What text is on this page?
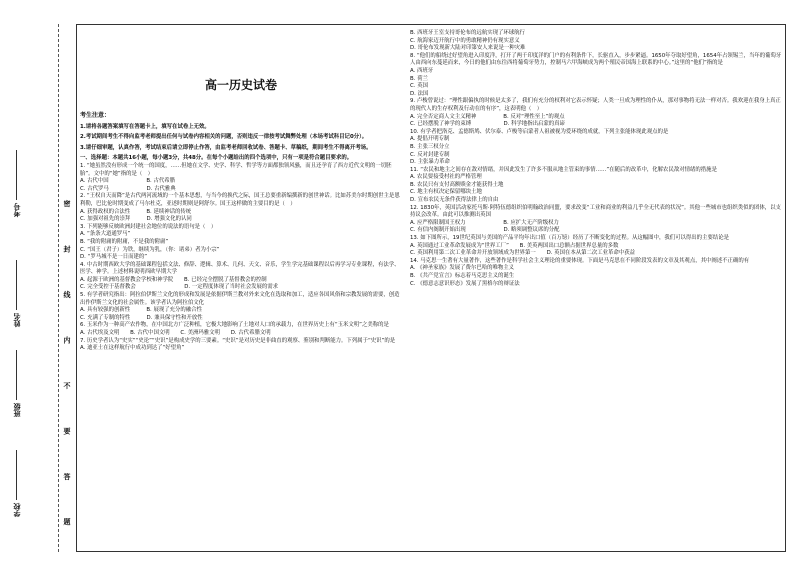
考号
姓名
班级
学校	密 封 线 内 不 要 答 题
高一历史试卷
考生注意：

1.请将各题答案填写在答题卡上，填写在试卷上无效。

2.考试期间考生不得向监考老师提出任何与试卷内容相关的问题，否则违反一律按考试舞弊处理（本场考试科目记0分）。

3.请仔细审题，认真作答，考试结束后请立即停止作答，由监考老师回收试卷、答题卡、草稿纸，期间考生不得离开考场。

一、选择题：本题共16小题，每小题3分，共48分。在每个小题给出的四个选项中，只有一项是符合题目要求的。

1. “她虽然没有形成一个统一的国度，……但她在文学、史学、科学、哲学等方面都独领风骚，而且还孕育了西方近代文明的一切胚胎”。文中的“她”指的是（　）

A. 古代中国　　　　　　　B. 古代希腊

C. 古代罗马　　　　　　　D. 古代雅典

2. “王权自天而降”是古代两河流域的一个基本思想，与当今的换代之际，国王总要重新编撰新的创世神话。比如苏美尔时期创世主是恩利勒，巴比伦时期变成了马尔杜克，亚述时期则是阿舒尔。国王这样做的主要目的是（　）

A. 获得政权的合法性　　　B. 延续神话的传统

C. 加强对祖先的崇拜　　　D. 增强文化的认同

3. 下列能够反映欧洲封建社会地位的说法的语句是（　）

A. “条条大道通罗马”

B. “我的附庸的附庸，不是我的附庸”

C. “国王（君子）为铁，继续为乳，（你：诸弟）者为小宗”

D. “罗马城不是一日而建的”

4. 中古时期西欧大学的基础课程包括文法、修辞、逻辑、算术、几何、天文、音乐，学生学完基础课程以后再学习专业课程，有法学、医学、神学。上述材料说明西欧早期大学

A. 起源于欧洲的基督教会学校和神学院　　B. 已经完全摆脱了基督教会的控制

C. 完全受控于基督教会　　　　　　　　　D. 一定程度体现了当时社会发展的需求

5. 有学者研究指出：阿拉伯伊斯兰文化的形成和发展是依据伊斯兰教对外来文化在选取和加工，适应各国风俗和宗教发展的需要，创造出作伊斯兰文化的社会属性。该学者认为阿拉伯文化

A. 具有较强的创新性　　　B. 展现了充分的融合性

C. 充满了专制的特性　　　D. 兼具保守性和开放性

6. 玉米作为一种高产农作物，在中国北方广泛种植，它极大地影响了土地对人口的承载力，在世界历史上有“玉米文明”之美称的是

A. 古代埃及文明　　B. 古代中国文明　　C. 美洲玛雅文明　　D. 古代希腊文明

7. 历史学者认为“史实”“史论”“史识”是构成史学的三要素。“史识”是对历史是非曲直的观察、鉴别和判断能力。下列属于“史识”的是

A. 迪亚士在这样航行中成功到达了“好望角”

B. 西班牙王室支持哥伦布的远航实现了环球航行

C. 航海家迈开航行中的勇敢精神仍有现实意义

D. 哥伦布发现新大陆对印第安人来说是一种灾难

8. “他们的船绕过好望角进入印度洋，打开了两千印度洋的门户的有利条件下，长驱直入，步步紧逼。1650年夺取好望角，1654年占领锡兰，当年的葡萄牙人由西向东蔓延而来，今日的他们由东往西将葡萄牙势力，控制马六甲海峡成为两个殖民帝国海上联系的中心。”这里的“他们”指的是

A. 西班牙

B. 荷兰

C. 英国

D. 法国

9. 卢梭曾说过：“理性跟偏执的时候是太多了，我们有充分的权利对它表示怀疑；人类一旦成为理性的仆从，那对事物将无法一样对否。我欢迎在我身上真正的现代人的生存权利及行动在的有序”，这表明他（　）

A. 完全否定商人文主义精神　　　　　B. 反对“理性至上”的观点

C. 已经摆脱了神学的束缚　　　　　　D. 科学地指出启蒙的真谛

10. 有学者把洛克、孟德斯鸠、伏尔泰、卢梭等启蒙者人祖被视为爱环绕的成就，下列主张能体现此观点的是

A. 提倡开明专制

B. 主张三权分立

C. 反对封建专制

D. 主张暴力革命

11. “农民和地主之间存在敌对情绪，并因此发生了许多不服从地主管束的事情……”在随后的改革中，化解农民敌对情绪的措施是

A. 农民要接受村社的严格管理

B. 农民只有支付高额赎金才能获得土地

C. 地主有权决定保留哪块土地

D. 宣布农民无条件获得法律上的自由

12. 1830年，英国活动家托马斯·阿特伍德组织伯明翰政治同盟，要求改变“工业和商业的利益几乎全无代表的状况”。其他一些城市也组织类似的团体，以支持议会改革。由此可以推测出英国

A. 应严格限制国王权力　　　　　　　B. 应扩大无产阶级权力

C. 有信内阁制开始出现　　　　　　　D. 略须调整议席的分配

13. 如下图所示，19世纪英国与美国的产品平均年出口值（百万镑）经历了不断变化的过程。从这幅图中，我们可以得出的主要结论是

A. 英国通过工业革命发展成为“世界工厂”　　B. 美英两国出口总额占据世界总量的多数

C. 英国利用第二次工业革命并开放领域成为世界第一　　D. 英国在本从第二次工业革命中获益

14. 马克思一生著有大量著作，这些著作是科学社会主义理论的重要体现。下面是马克思在不同阶段发表的文章及其观点，其中阐述不正确的有

A. 《神圣家族》发展了费尔巴哈的唯物主义

B. 《共产党宣言》标志着马克思主义的诞生

C. 《德意志意识形态》发展了黑格尔的辩证法
